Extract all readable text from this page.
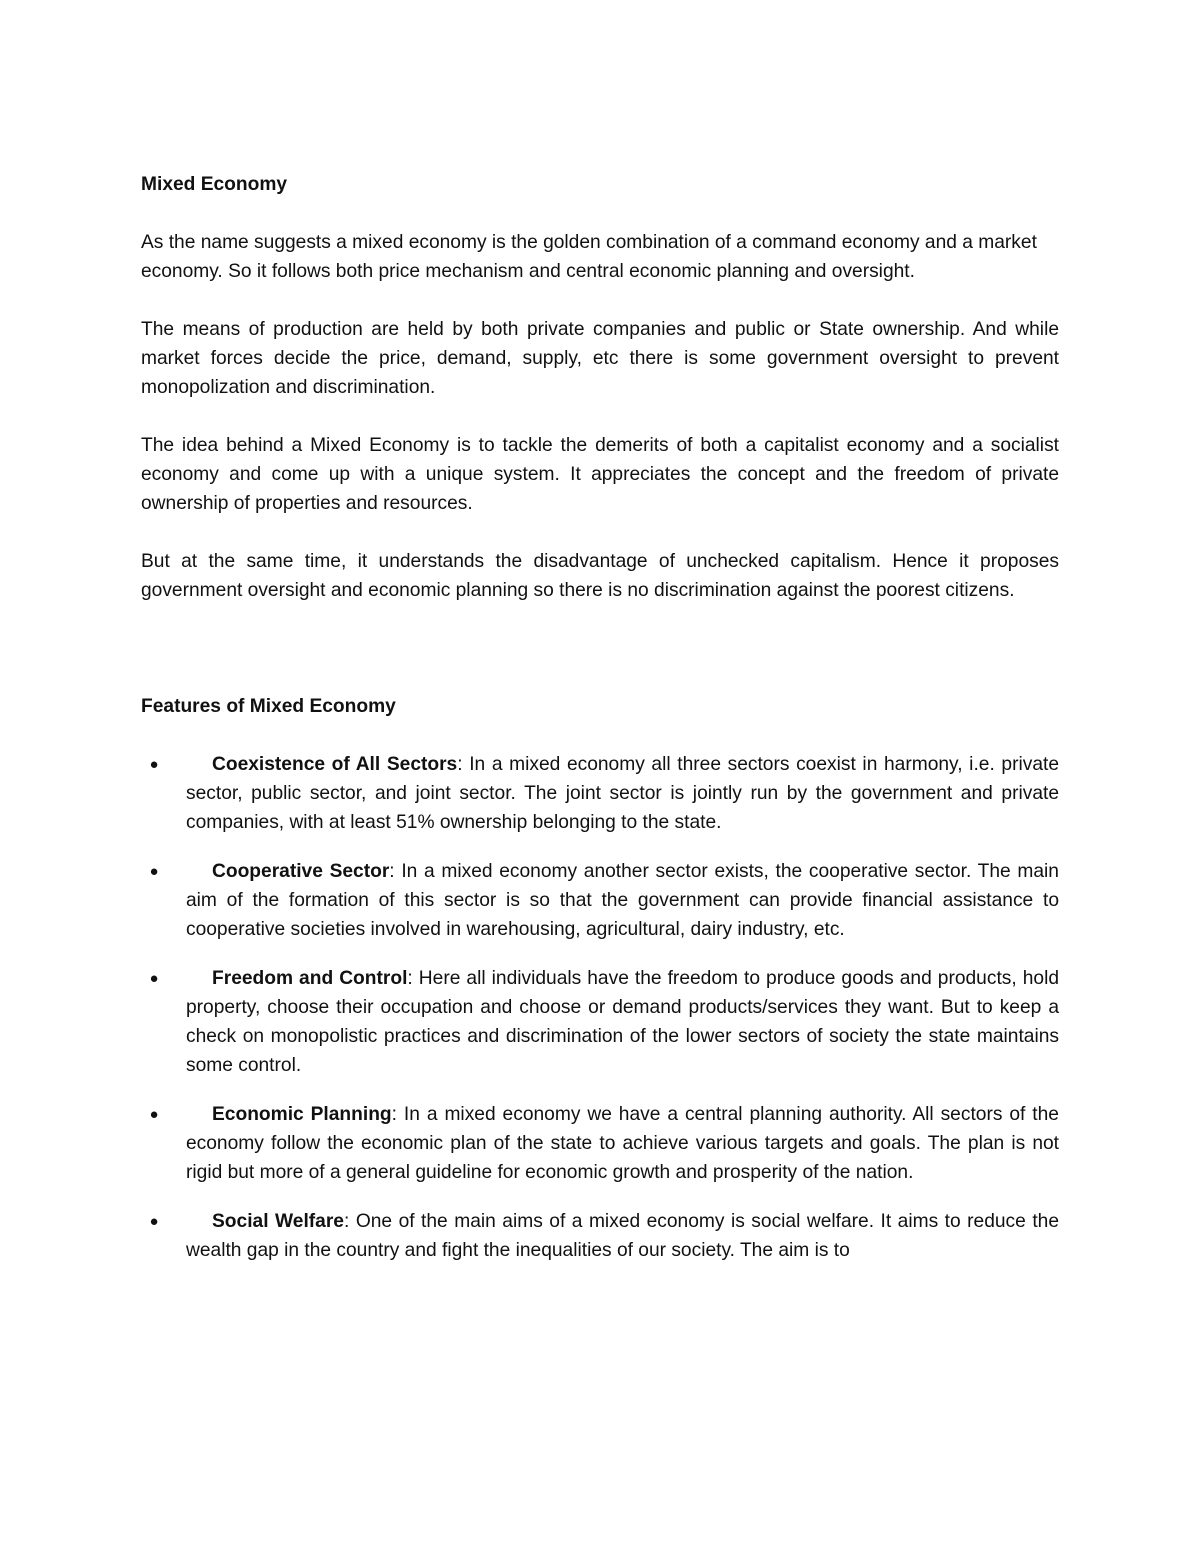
Mixed Economy

As the name suggests a mixed economy is the golden combination of a command economy and a market economy. So it follows both price mechanism and central economic planning and oversight.

The means of production are held by both private companies and public or State ownership. And while market forces decide the price, demand, supply, etc there is some government oversight to prevent monopolization and discrimination.

The idea behind a Mixed Economy is to tackle the demerits of both a capitalist economy and a socialist economy and come up with a unique system. It appreciates the concept and the freedom of private ownership of properties and resources.

But at the same time, it understands the disadvantage of unchecked capitalism. Hence it proposes government oversight and economic planning so there is no discrimination against the poorest citizens.

Features of Mixed Economy
●	Coexistence of All Sectors: In a mixed economy all three sectors coexist in harmony, i.e. private sector, public sector, and joint sector. The joint sector is jointly run by the government and private companies, with at least 51% ownership belonging to the state.
●	Cooperative Sector: In a mixed economy another sector exists, the cooperative sector. The main aim of the formation of this sector is so that the government can provide financial assistance to cooperative societies involved in warehousing, agricultural, dairy industry, etc.
●	Freedom and Control: Here all individuals have the freedom to produce goods and products, hold property, choose their occupation and choose or demand products/services they want. But to keep a check on monopolistic practices and discrimination of the lower sectors of society the state maintains some control.
●	Economic Planning: In a mixed economy we have a central planning authority. All sectors of the economy follow the economic plan of the state to achieve various targets and goals. The plan is not rigid but more of a general guideline for economic growth and prosperity of the nation.
●	Social Welfare: One of the main aims of a mixed economy is social welfare. It aims to reduce the wealth gap in the country and fight the inequalities of our society. The aim is to
